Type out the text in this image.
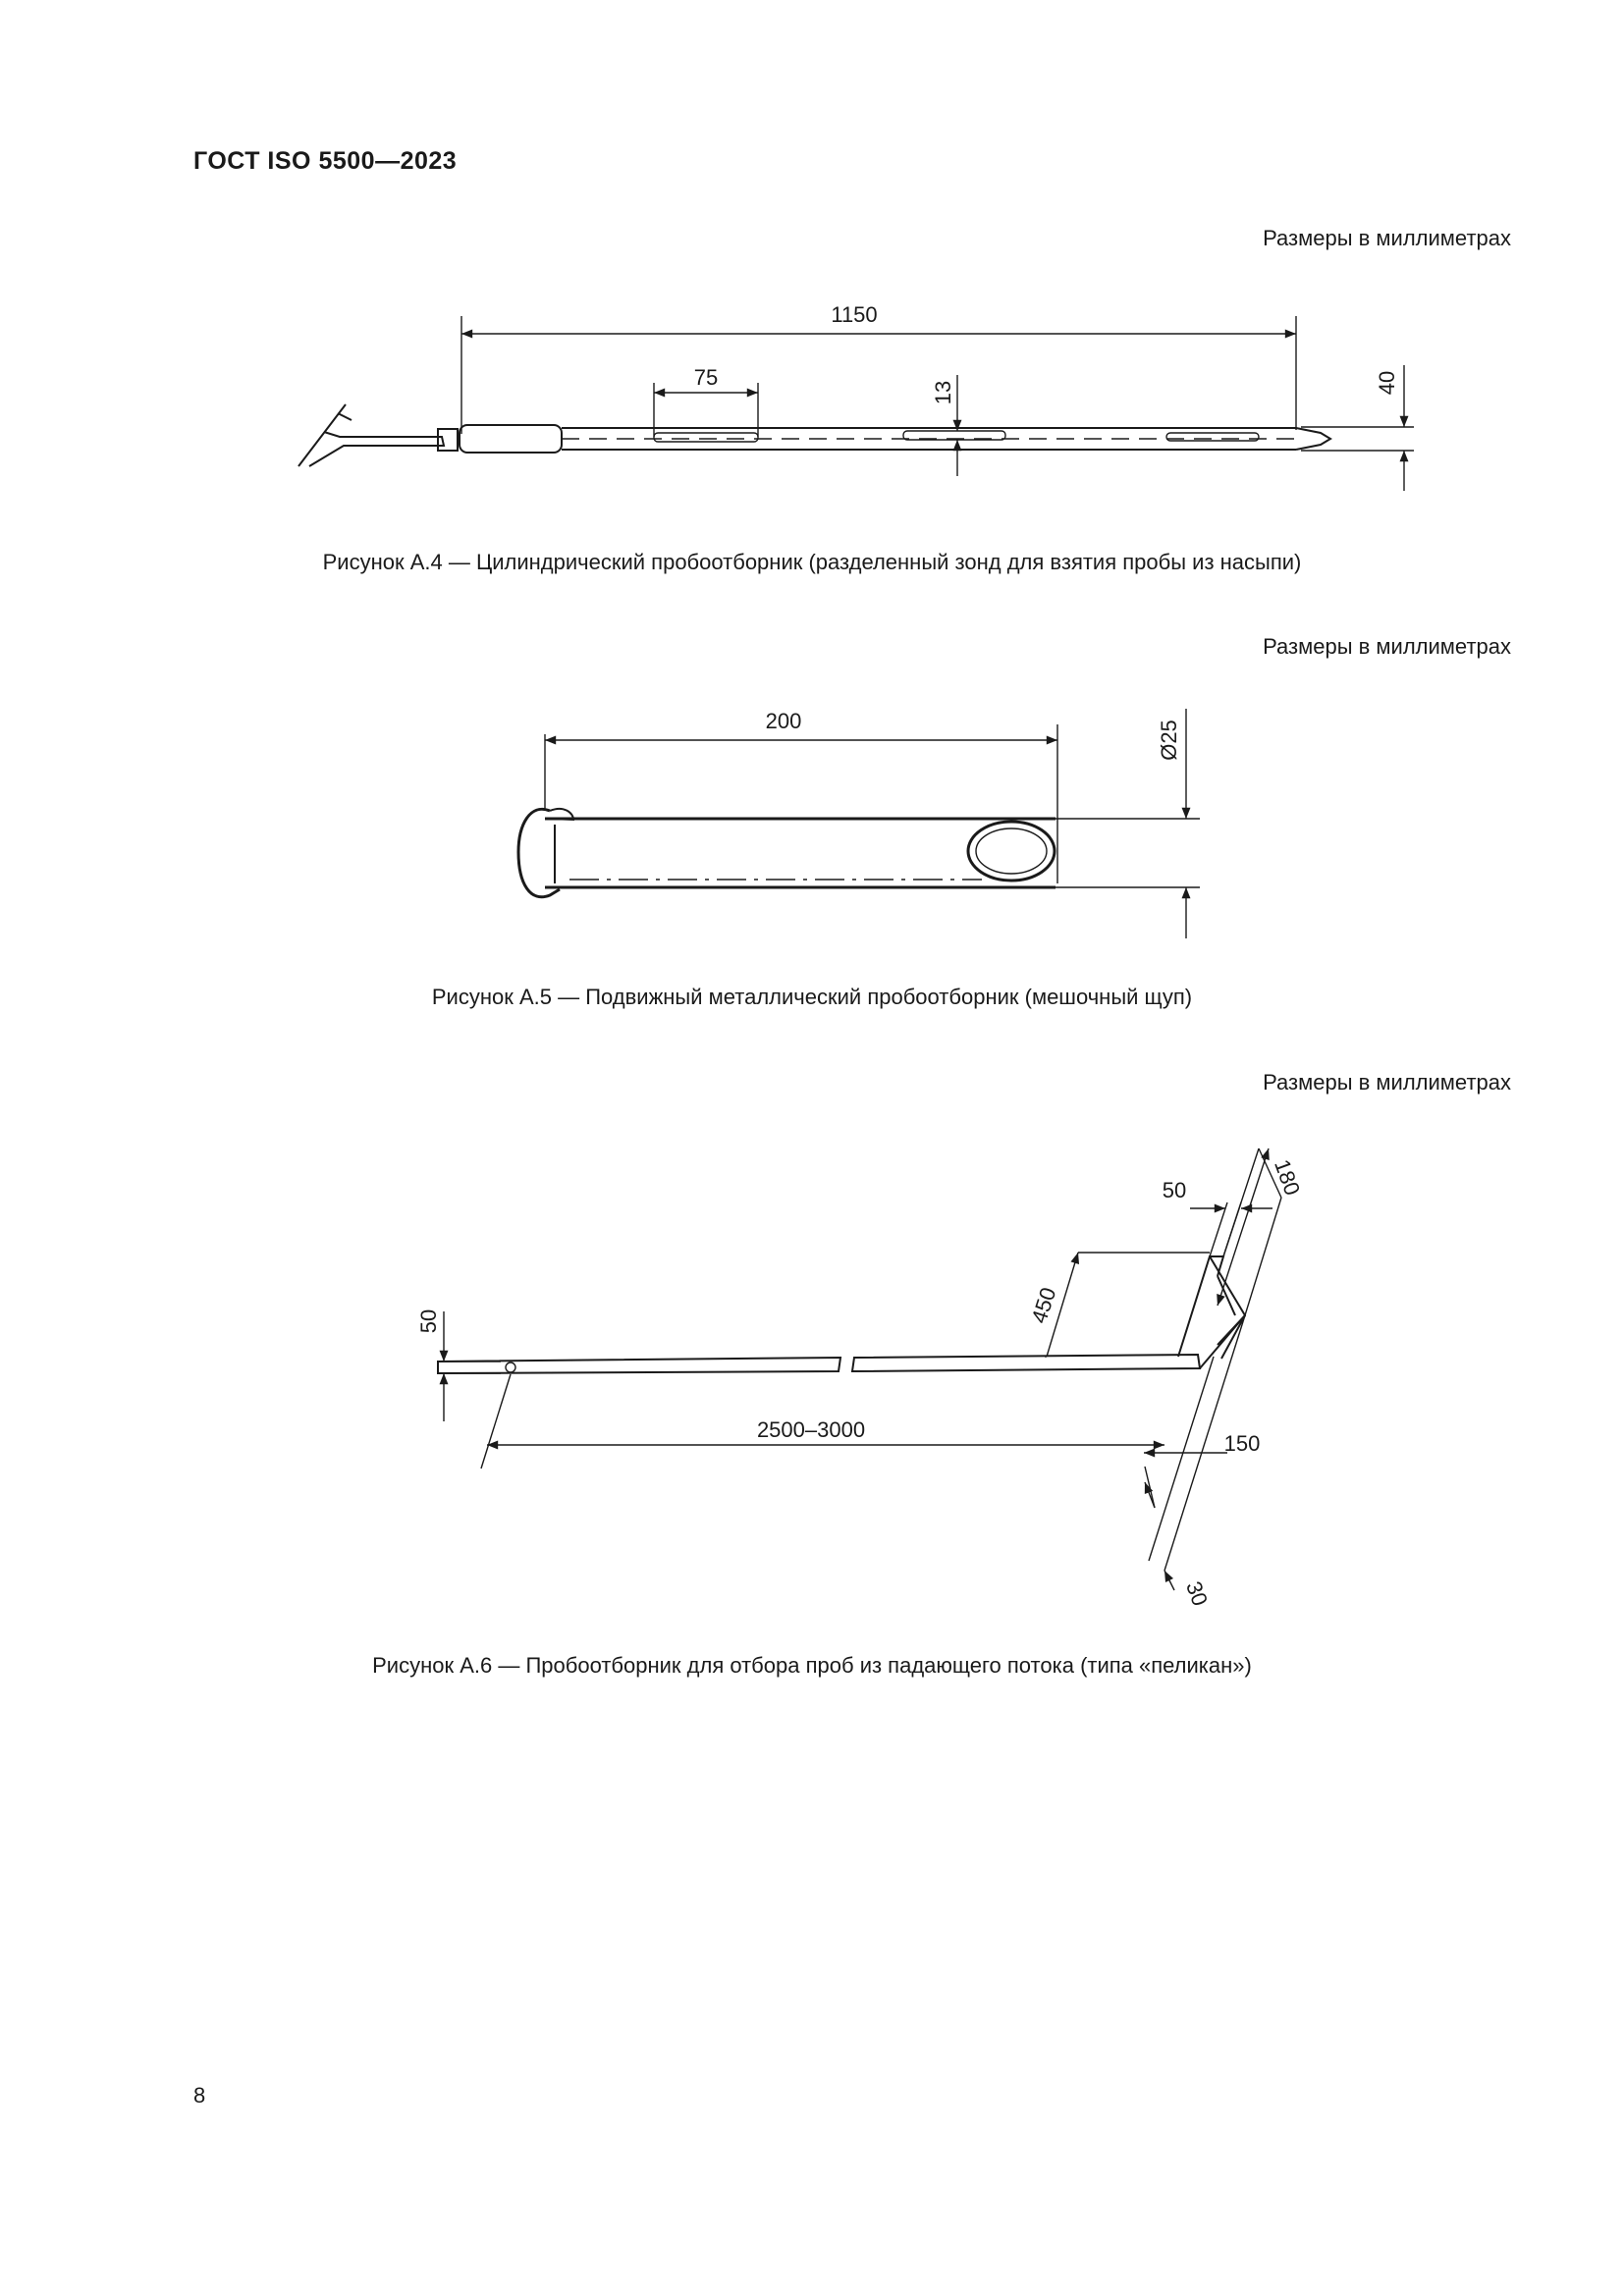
ГОСТ ISO 5500—2023
Размеры в миллиметрах
1150
75
13	40
Рисунок А.4 — Цилиндрический пробоотборник (разделенный зонд для взятия пробы из насыпи)
Размеры в миллиметрах
200	Ø25
Рисунок А.5 — Подвижный металлический пробоотборник (мешочный щуп)
Размеры в миллиметрах
180
50
450
50
2500–3000
150
30
Рисунок А.6 — Пробоотборник для отбора проб из падающего потока (типа «пеликан»)
8
